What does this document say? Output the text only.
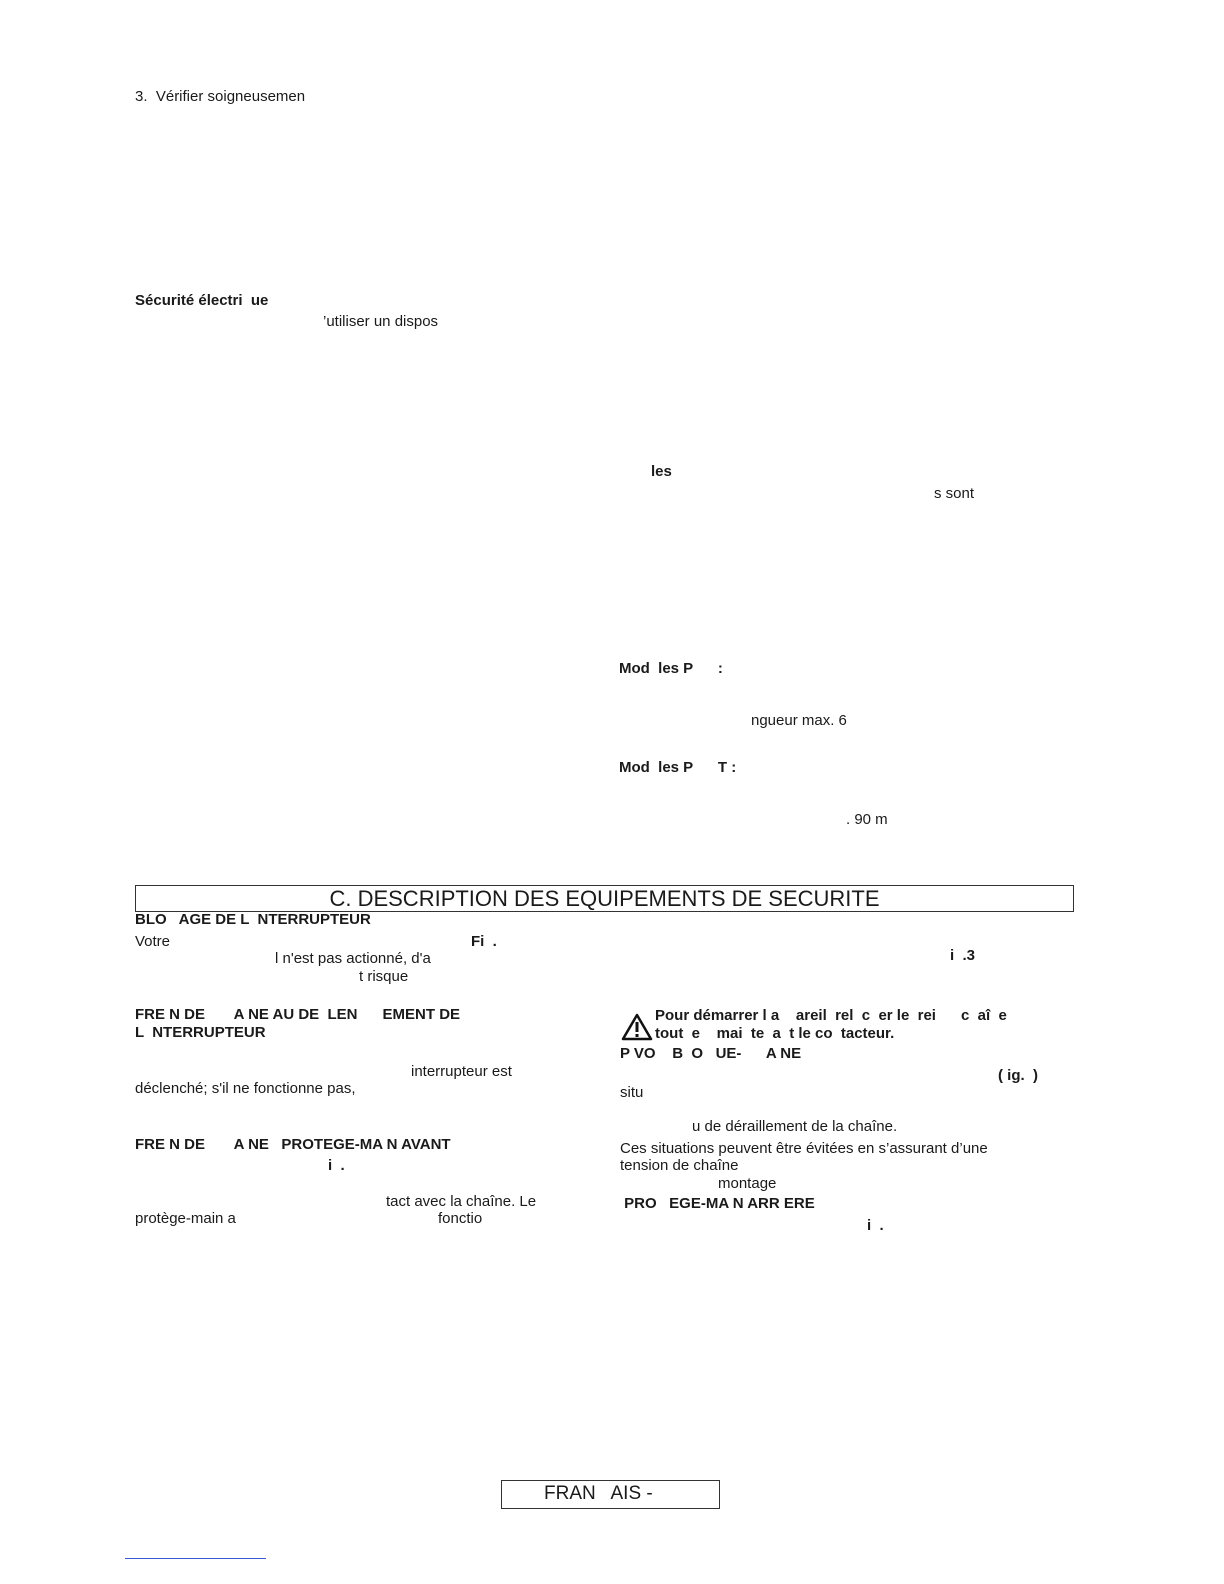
3.  Vérifier soigneusemen
Sécurité électri  ue
’utiliser un dispos
les
s sont
Mod  les P      :
ngueur max. 6
Mod  les P      T :
. 90 m
C. DESCRIPTION DES EQUIPEMENTS DE SECURITE
BLO   AGE DE L  NTERRUPTEUR
Votre	Fi  .
l n'est pas actionné, d'a	i  .3
t risque
FRE N DE       A NE AU DE  LEN      EMENT DE
L  NTERRUPTEUR
interrupteur est
déclenché; s'il ne fonctionne pas,
FRE N DE       A NE   PROTEGE-MA N AVANT
i  .
tact avec la chaîne. Le
protège-main a	fonctio
Pour démarrer l a    areil  rel  c  er le  rei      c  aî  e
tout  e    mai  te  a  t le co  tacteur.
P VO    B  O   UE-      A NE
( ig.  )
situ
u de déraillement de la chaîne.
Ces situations peuvent être évitées en s’assurant d’une
tension de chaîne
montage
PRO   EGE-MA N ARR ERE
i  .
FRAN   AIS -
